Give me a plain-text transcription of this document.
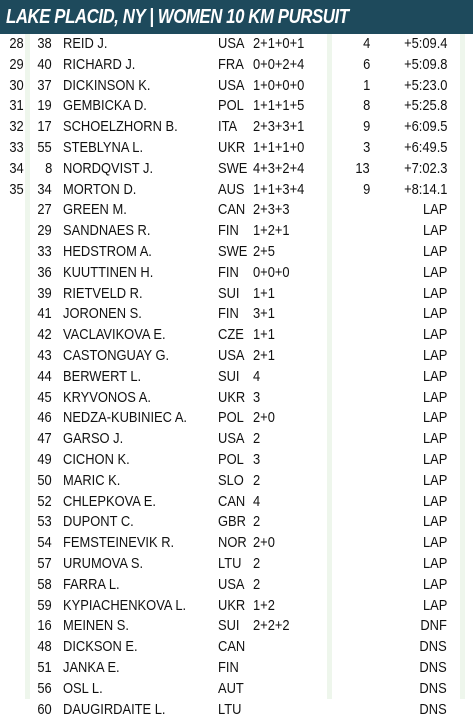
LAKE PLACID, NY | WOMEN 10 KM PURSUIT
28 38 REID J.	USA 2+1+0+1	4	+5:09.4
29 40 RICHARD J.	FRA 0+0+2+4	6	+5:09.8
30 37 DICKINSON K.	USA 1+0+0+0	1	+5:23.0
31 19 GEMBICKA D.	POL 1+1+1+5	8	+5:25.8
32 17 SCHOELZHORN B.	ITA 2+3+3+1	9	+6:09.5
33 55 STEBLYNA L.	UKR 1+1+1+0	3	+6:49.5
34	8 NORDQVIST J.	SWE 4+3+2+4	13	+7:02.3
35 34 MORTON D.	AUS 1+1+3+4	9	+8:14.1
27 GREEN M.	CAN 2+3+3	LAP
29 SANDNAES R.	FIN 1+2+1	LAP
33 HEDSTROM A.	SWE 2+5	LAP
36 KUUTTINEN H.	FIN 0+0+0	LAP
39 RIETVELD R.	SUI 1+1	LAP
41 JORONEN S.	FIN 3+1	LAP
42 VACLAVIKOVA E.	CZE 1+1	LAP
43 CASTONGUAY G.	USA 2+1	LAP
44 BERWERT L.	SUI 4	LAP
45 KRYVONOS A.	UKR 3	LAP
46 NEDZA-KUBINIEC A.	POL 2+0	LAP
47 GARSO J.	USA 2	LAP
49 CICHON K.	POL 3	LAP
50 MARIC K.	SLO 2	LAP
52 CHLEPKOVA E.	CAN 4	LAP
53 DUPONT C.	GBR 2	LAP
54 FEMSTEINEVIK R.	NOR 2+0	LAP
57 URUMOVA S.	LTU 2	LAP
58 FARRA L.	USA 2	LAP
59 KYPIACHENKOVA L.	UKR 1+2	LAP
16 MEINEN S.	SUI 2+2+2	DNF
48 DICKSON E.	CAN	DNS
51 JANKA E.	FIN	DNS
56 OSL L.	AUT	DNS
60 DAUGIRDAITE L.	LTU	DNS
